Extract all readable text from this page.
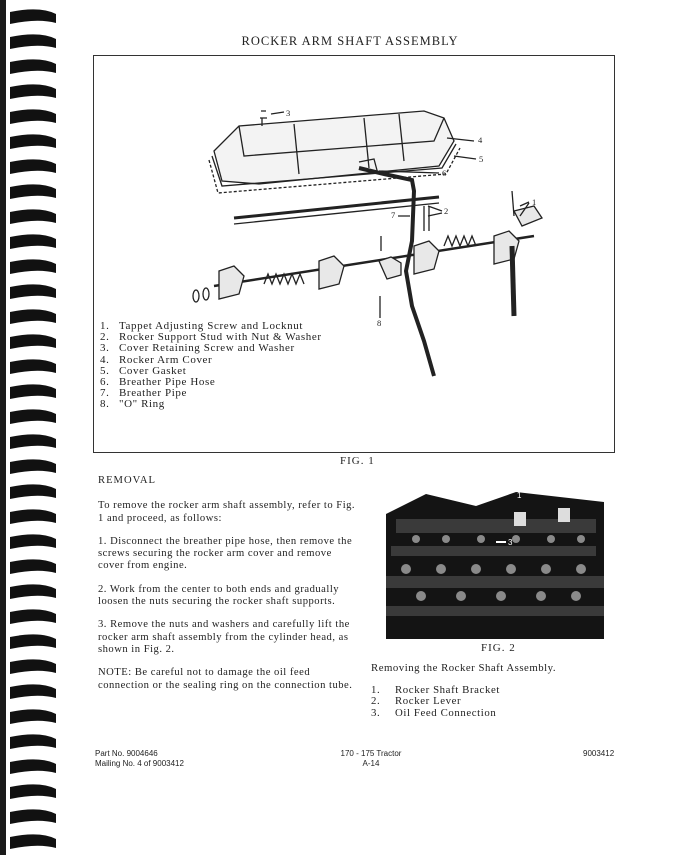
ROCKER ARM SHAFT ASSEMBLY
3
4
5
6
7	2
1
8
1. Tappet Adjusting Screw and Locknut
2. Rocker Support Stud with Nut & Washer
3. Cover Retaining Screw and Washer
4. Rocker Arm Cover
5. Cover Gasket
6. Breather Pipe Hose
7. Breather Pipe
8. "O" Ring
FIG. 1

REMOVAL

To remove the rocker arm shaft assembly, refer to Fig. 1 and proceed, as follows:

1. Disconnect the breather pipe hose, then remove the screws securing the rocker arm cover and remove cover from engine.

2. Work from the center to both ends and gradually loosen the nuts securing the rocker shaft supports.

3. Remove the nuts and washers and carefully lift the rocker arm shaft assembly from the cylinder head, as shown in Fig. 2.

NOTE: Be careful not to damage the oil feed connection or the sealing ring on the connection tube.

1	2
3
FIG. 2
Removing the Rocker Shaft Assembly.
1.	Rocker Shaft Bracket
2.	Rocker Lever
3.	Oil Feed Connection
Part No. 9004646
Mailing No. 4 of 9003412
170 - 175 Tractor
A-14
9003412
